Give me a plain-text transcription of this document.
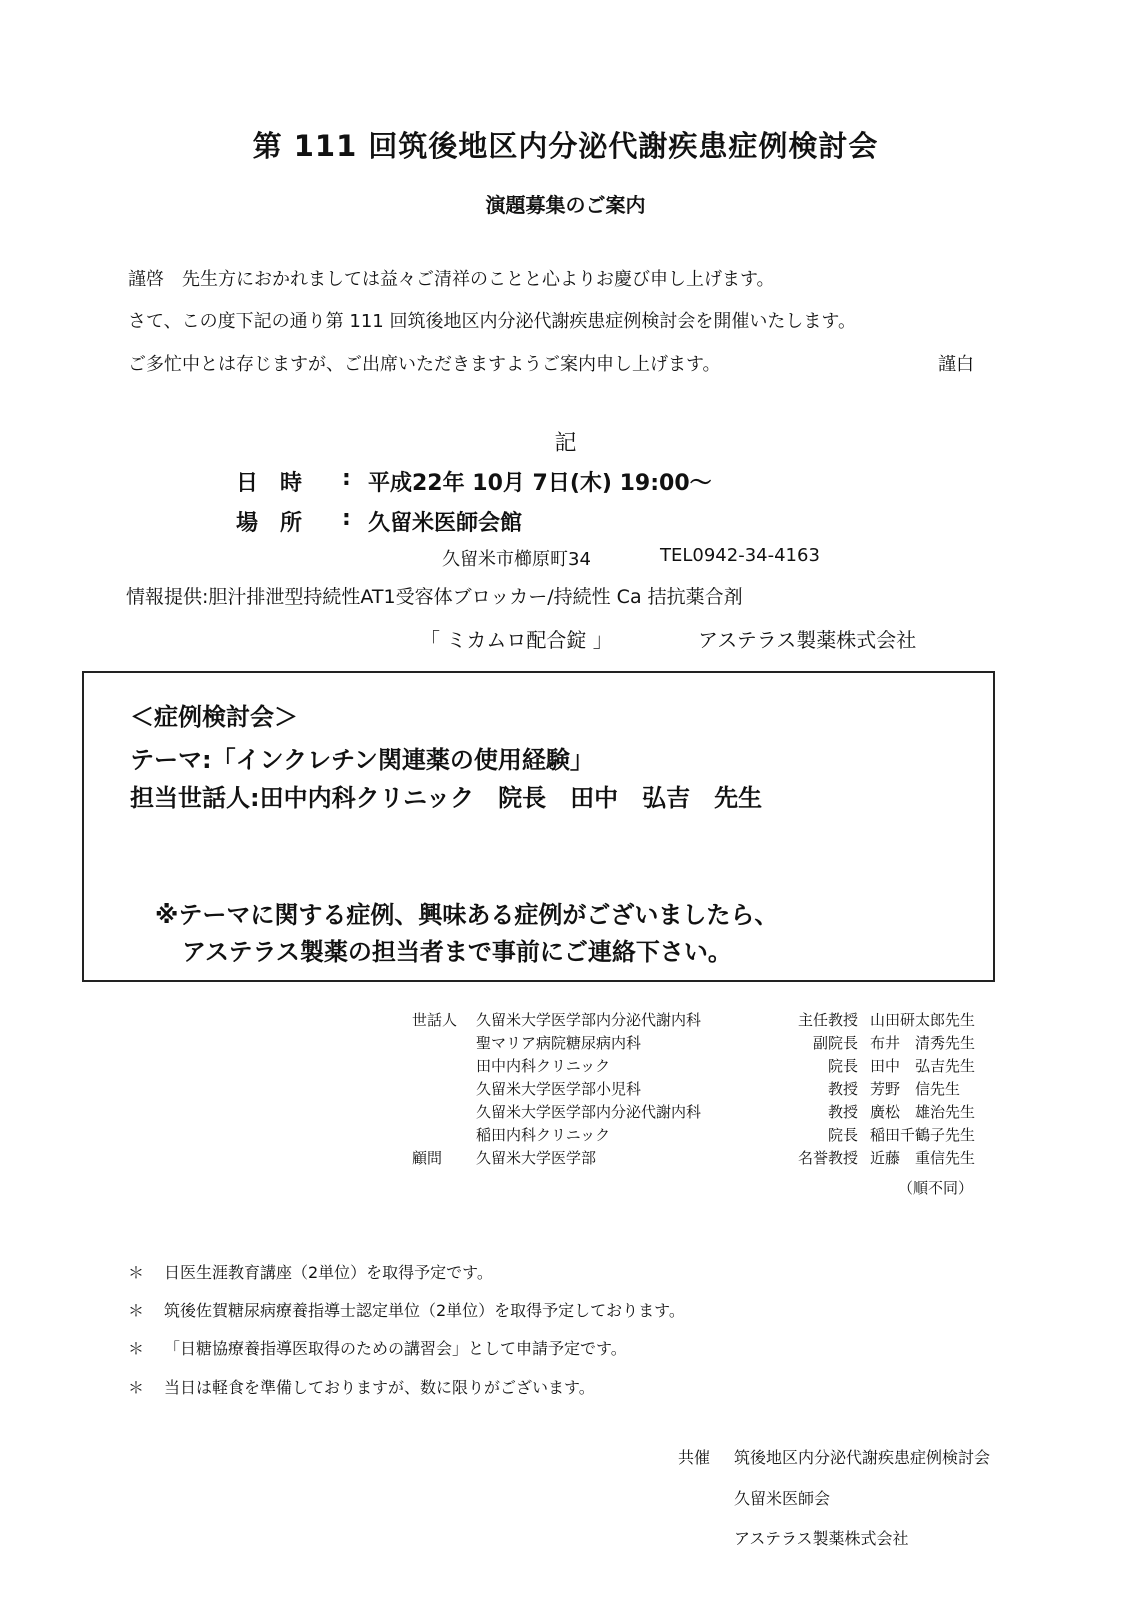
第 111 回筑後地区内分泌代謝疾患症例検討会
演題募集のご案内
謹啓　先生方におかれましては益々ご清祥のことと心よりお慶び申し上げます。
さて、この度下記の通り第 111 回筑後地区内分泌代謝疾患症例検討会を開催いたします。
ご多忙中とは存じますが、ご出席いただきますようご案内申し上げます。	謹白
記
日時 : 平成22年 10月 7日(木) 19:00～
場所 : 久留米医師会館
久留米市櫛原町34	TEL0942-34-4163
情報提供:胆汁排泄型持続性AT1受容体ブロッカー/持続性 Ca 拮抗薬合剤
「 ミカムロ配合錠 」	アステラス製薬株式会社
＜症例検討会＞
テーマ:「インクレチン関連薬の使用経験」
担当世話人:田中内科クリニック　院長　田中　弘吉　先生
※テーマに関する症例、興味ある症例がございましたら、
アステラス製薬の担当者まで事前にご連絡下さい。
世話人	久留米大学医学部内分泌代謝内科	主任教授	山田研太郎先生
	聖マリア病院糖尿病内科	副院長	布井　清秀先生
	田中内科クリニック	院長	田中　弘吉先生
	久留米大学医学部小児科	教授	芳野　信先生
	久留米大学医学部内分泌代謝内科	教授	廣松　雄治先生
	稲田内科クリニック	院長	稲田千鶴子先生
顧問	久留米大学医学部	名誉教授	近藤　重信先生
（順不同）
＊ 日医生涯教育講座（2単位）を取得予定です。
＊ 筑後佐賀糖尿病療養指導士認定単位（2単位）を取得予定しております。
＊ 「日糖協療養指導医取得のための講習会」として申請予定です。
＊ 当日は軽食を準備しておりますが、数に限りがございます。
共催 筑後地区内分泌代謝疾患症例検討会
久留米医師会
アステラス製薬株式会社
